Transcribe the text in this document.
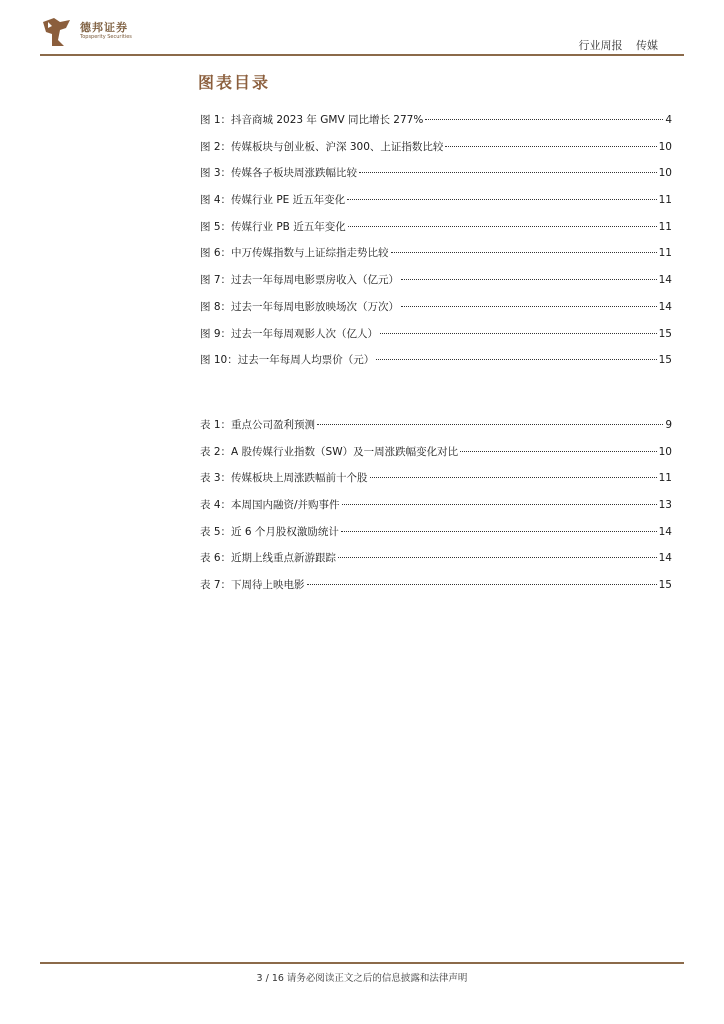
德邦证券
Topsperity Securities
行业周报 传媒
图表目录
图 1：抖音商城 2023 年 GMV 同比增长 277%	4
图 2：传媒板块与创业板、沪深 300、上证指数比较	10
图 3：传媒各子板块周涨跌幅比较	10
图 4：传媒行业 PE 近五年变化	11
图 5：传媒行业 PB 近五年变化	11
图 6：中万传媒指数与上证综指走势比较	11
图 7：过去一年每周电影票房收入（亿元）	14
图 8：过去一年每周电影放映场次（万次）	14
图 9：过去一年每周观影人次（亿人）	15
图 10：过去一年每周人均票价（元）	15
表 1：重点公司盈利预测	9
表 2：A 股传媒行业指数（SW）及一周涨跌幅变化对比	10
表 3：传媒板块上周涨跌幅前十个股	11
表 4：本周国内融资/并购事件	13
表 5：近 6 个月股权激励统计	14
表 6：近期上线重点新游跟踪	14
表 7：下周待上映电影	15
3 / 16 请务必阅读正文之后的信息披露和法律声明
